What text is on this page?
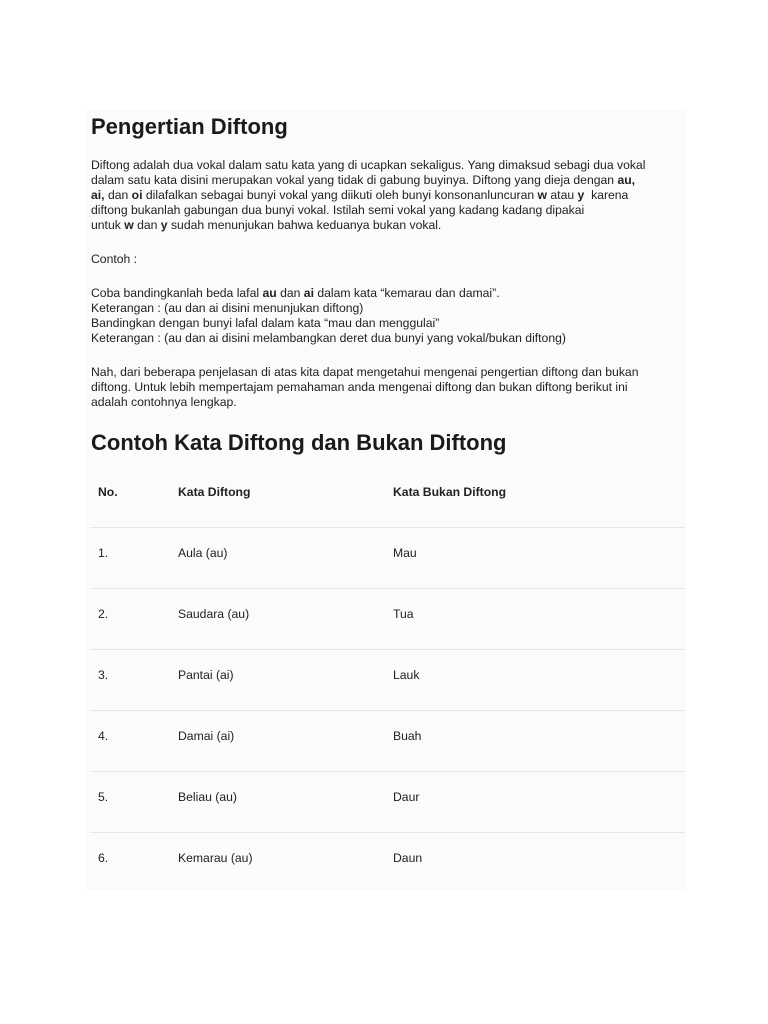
Pengertian Diftong
Diftong adalah dua vokal dalam satu kata yang di ucapkan sekaligus. Yang dimaksud sebagi dua vokal
dalam satu kata disini merupakan vokal yang tidak di gabung buyinya. Diftong yang dieja dengan au,
ai, dan oi dilafalkan sebagai bunyi vokal yang diikuti oleh bunyi konsonanluncuran w atau y  karena
diftong bukanlah gabungan dua bunyi vokal. Istilah semi vokal yang kadang kadang dipakai
untuk w dan y sudah menunjukan bahwa keduanya bukan vokal.
Contoh :
Coba bandingkanlah beda lafal au dan ai dalam kata “kemarau dan damai”.
Keterangan : (au dan ai disini menunjukan diftong)
Bandingkan dengan bunyi lafal dalam kata “mau dan menggulai”
Keterangan : (au dan ai disini melambangkan deret dua bunyi yang vokal/bukan diftong)
Nah, dari beberapa penjelasan di atas kita dapat mengetahui mengenai pengertian diftong dan bukan
diftong. Untuk lebih mempertajam pemahaman anda mengenai diftong dan bukan diftong berikut ini
adalah contohnya lengkap.
Contoh Kata Diftong dan Bukan Diftong
No.	Kata Diftong	Kata Bukan Diftong
1.	Aula (au)	Mau
2.	Saudara (au)	Tua
3.	Pantai (ai)	Lauk
4.	Damai (ai)	Buah
5.	Beliau (au)	Daur
6.	Kemarau (au)	Daun
